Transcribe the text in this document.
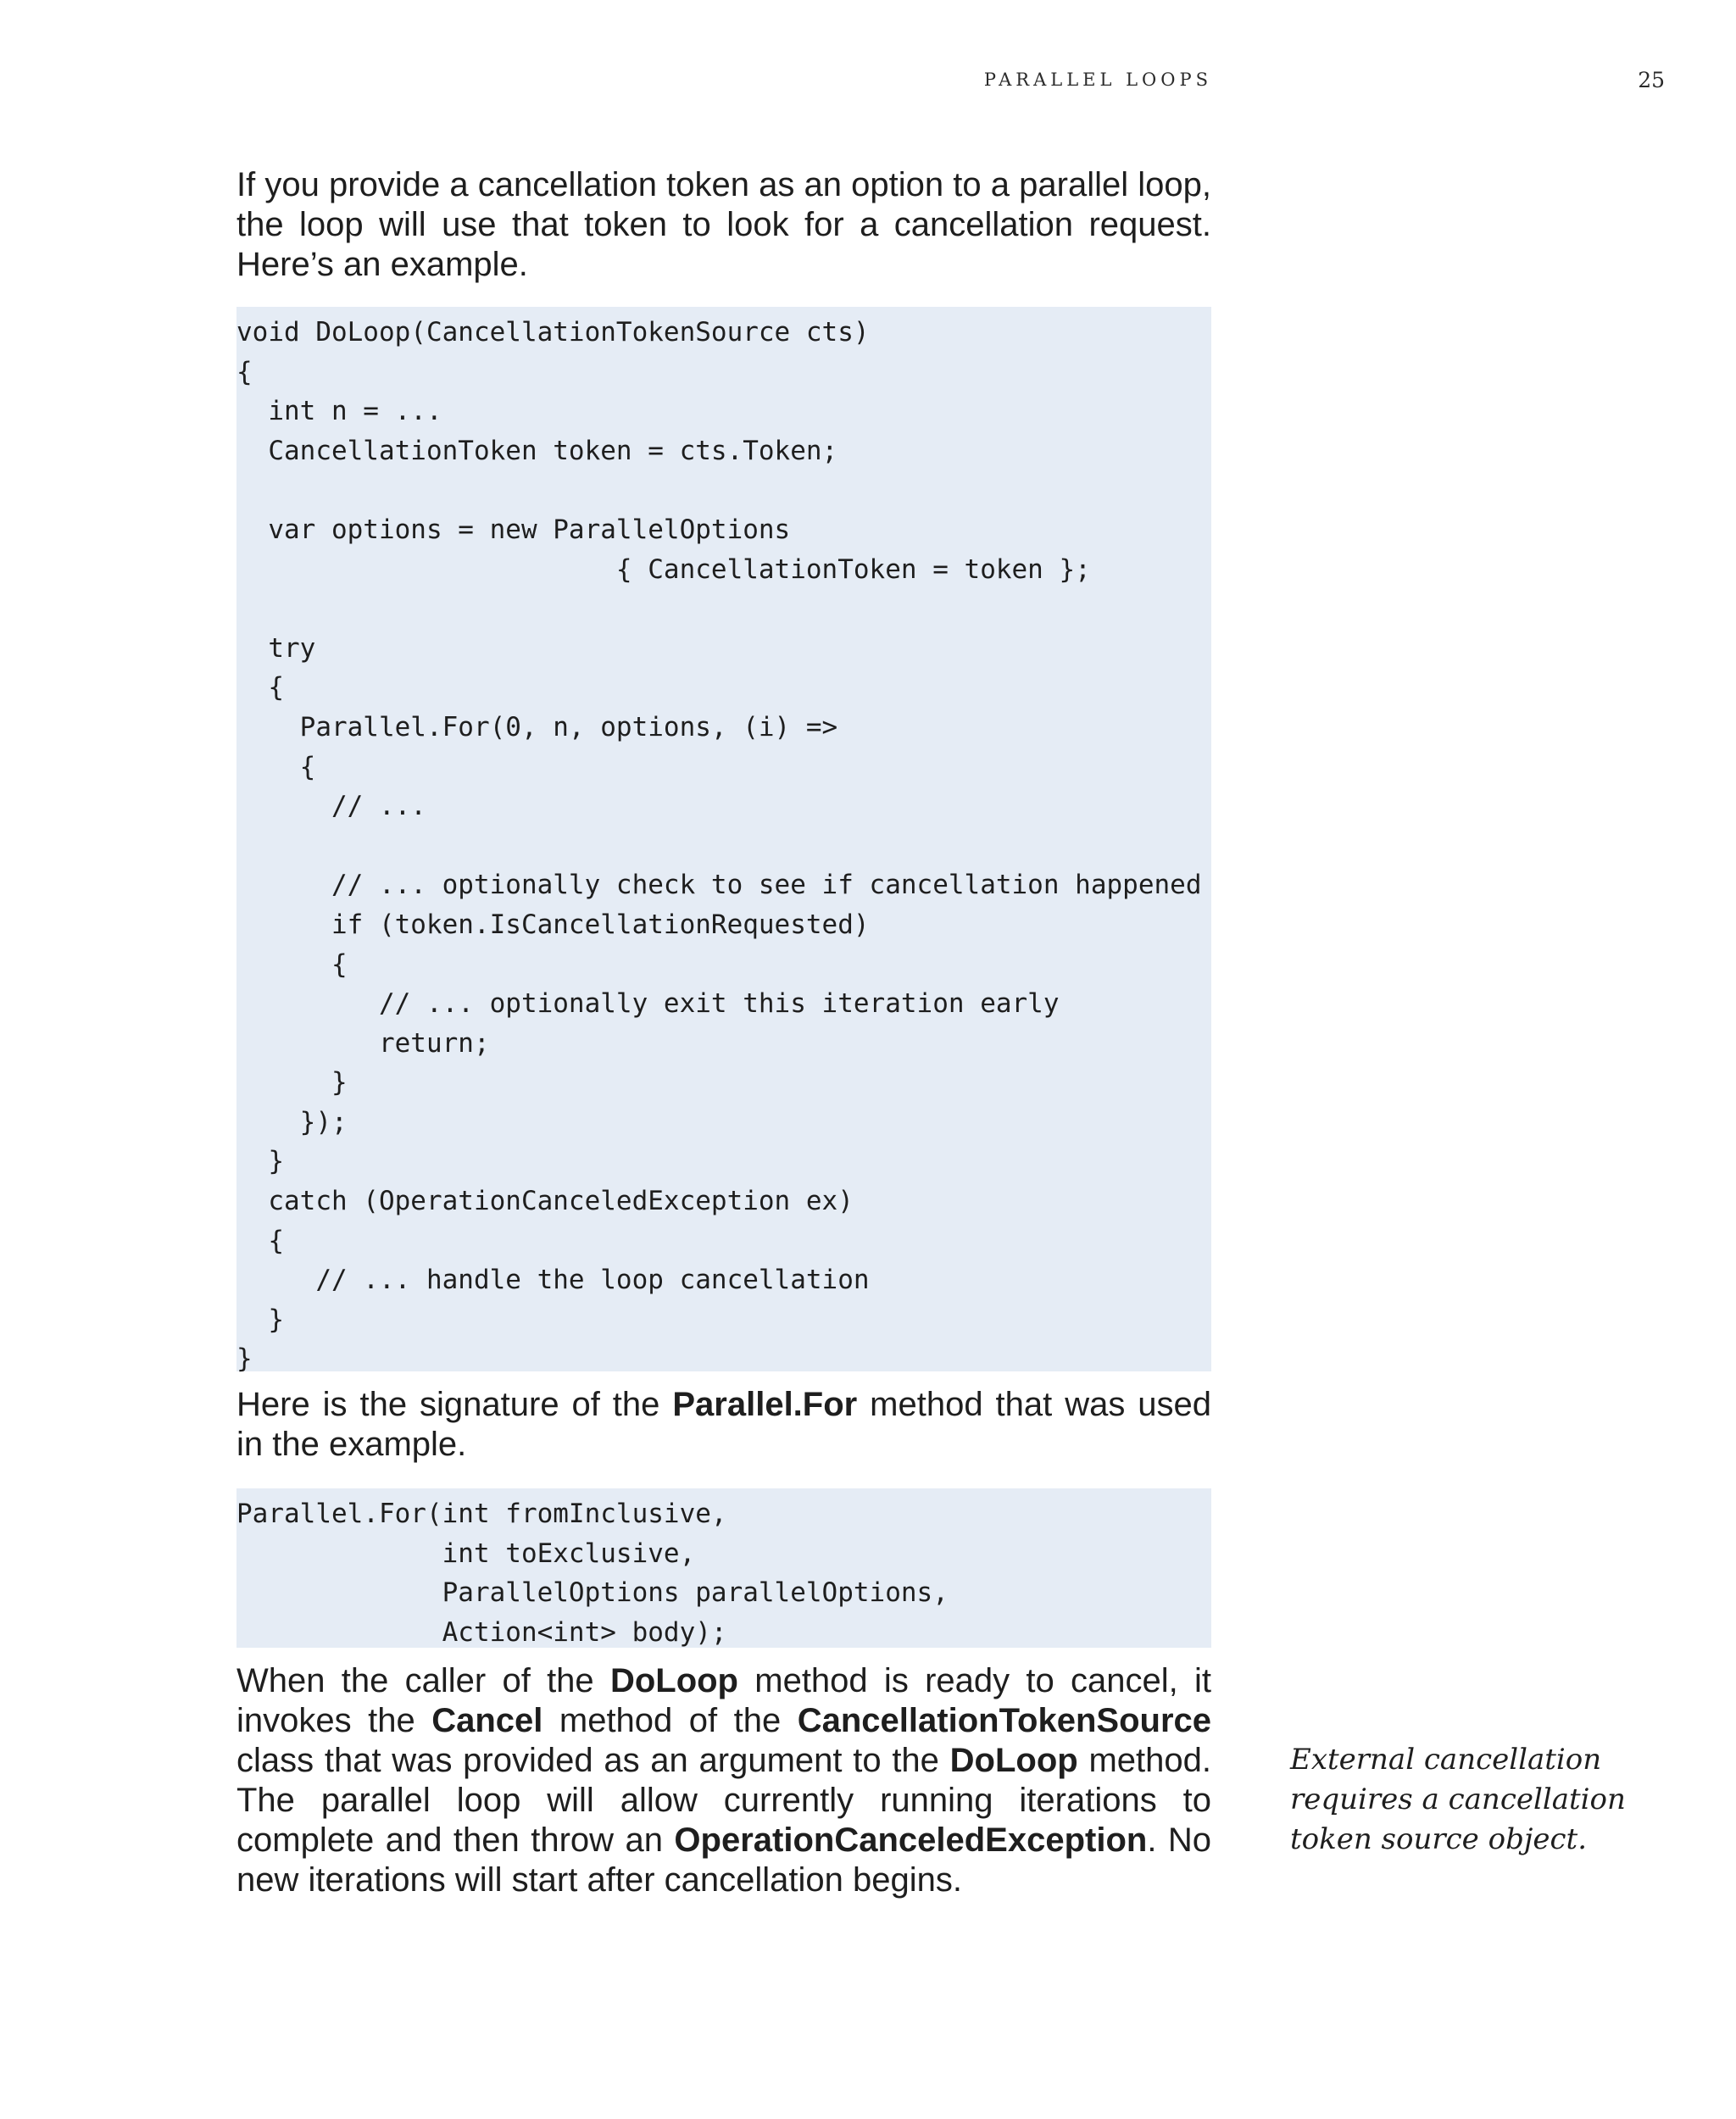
PARALLEL LOOPS	25
If you provide a cancellation token as an option to a parallel loop, the loop will use that token to look for a cancellation request. Here’s an example.
void DoLoop(CancellationTokenSource cts)
{
int n = ...
CancellationToken token = cts.Token;

var options = new ParallelOptions
{ CancellationToken = token };

try
{
Parallel.For(0, n, options, (i) =>
{
// ...

// ... optionally check to see if cancellation happened
if (token.IsCancellationRequested)
{
// ... optionally exit this iteration early
return;
}
});
}
catch (OperationCanceledException ex)
{
// ... handle the loop cancellation
}
}
Here is the signature of the Parallel.For method that was used in the example.
Parallel.For(int fromInclusive,
int toExclusive,
ParallelOptions parallelOptions,
Action<int> body);
When the caller of the DoLoop method is ready to cancel, it invokes the Cancel method of the CancellationTokenSource class that was provided as an argument to the DoLoop method. The parallel loop will allow currently running iterations to complete and then throw an OperationCanceledException. No new iterations will start after cancellation begins.
External cancellation
requires a cancellation
token source object.
